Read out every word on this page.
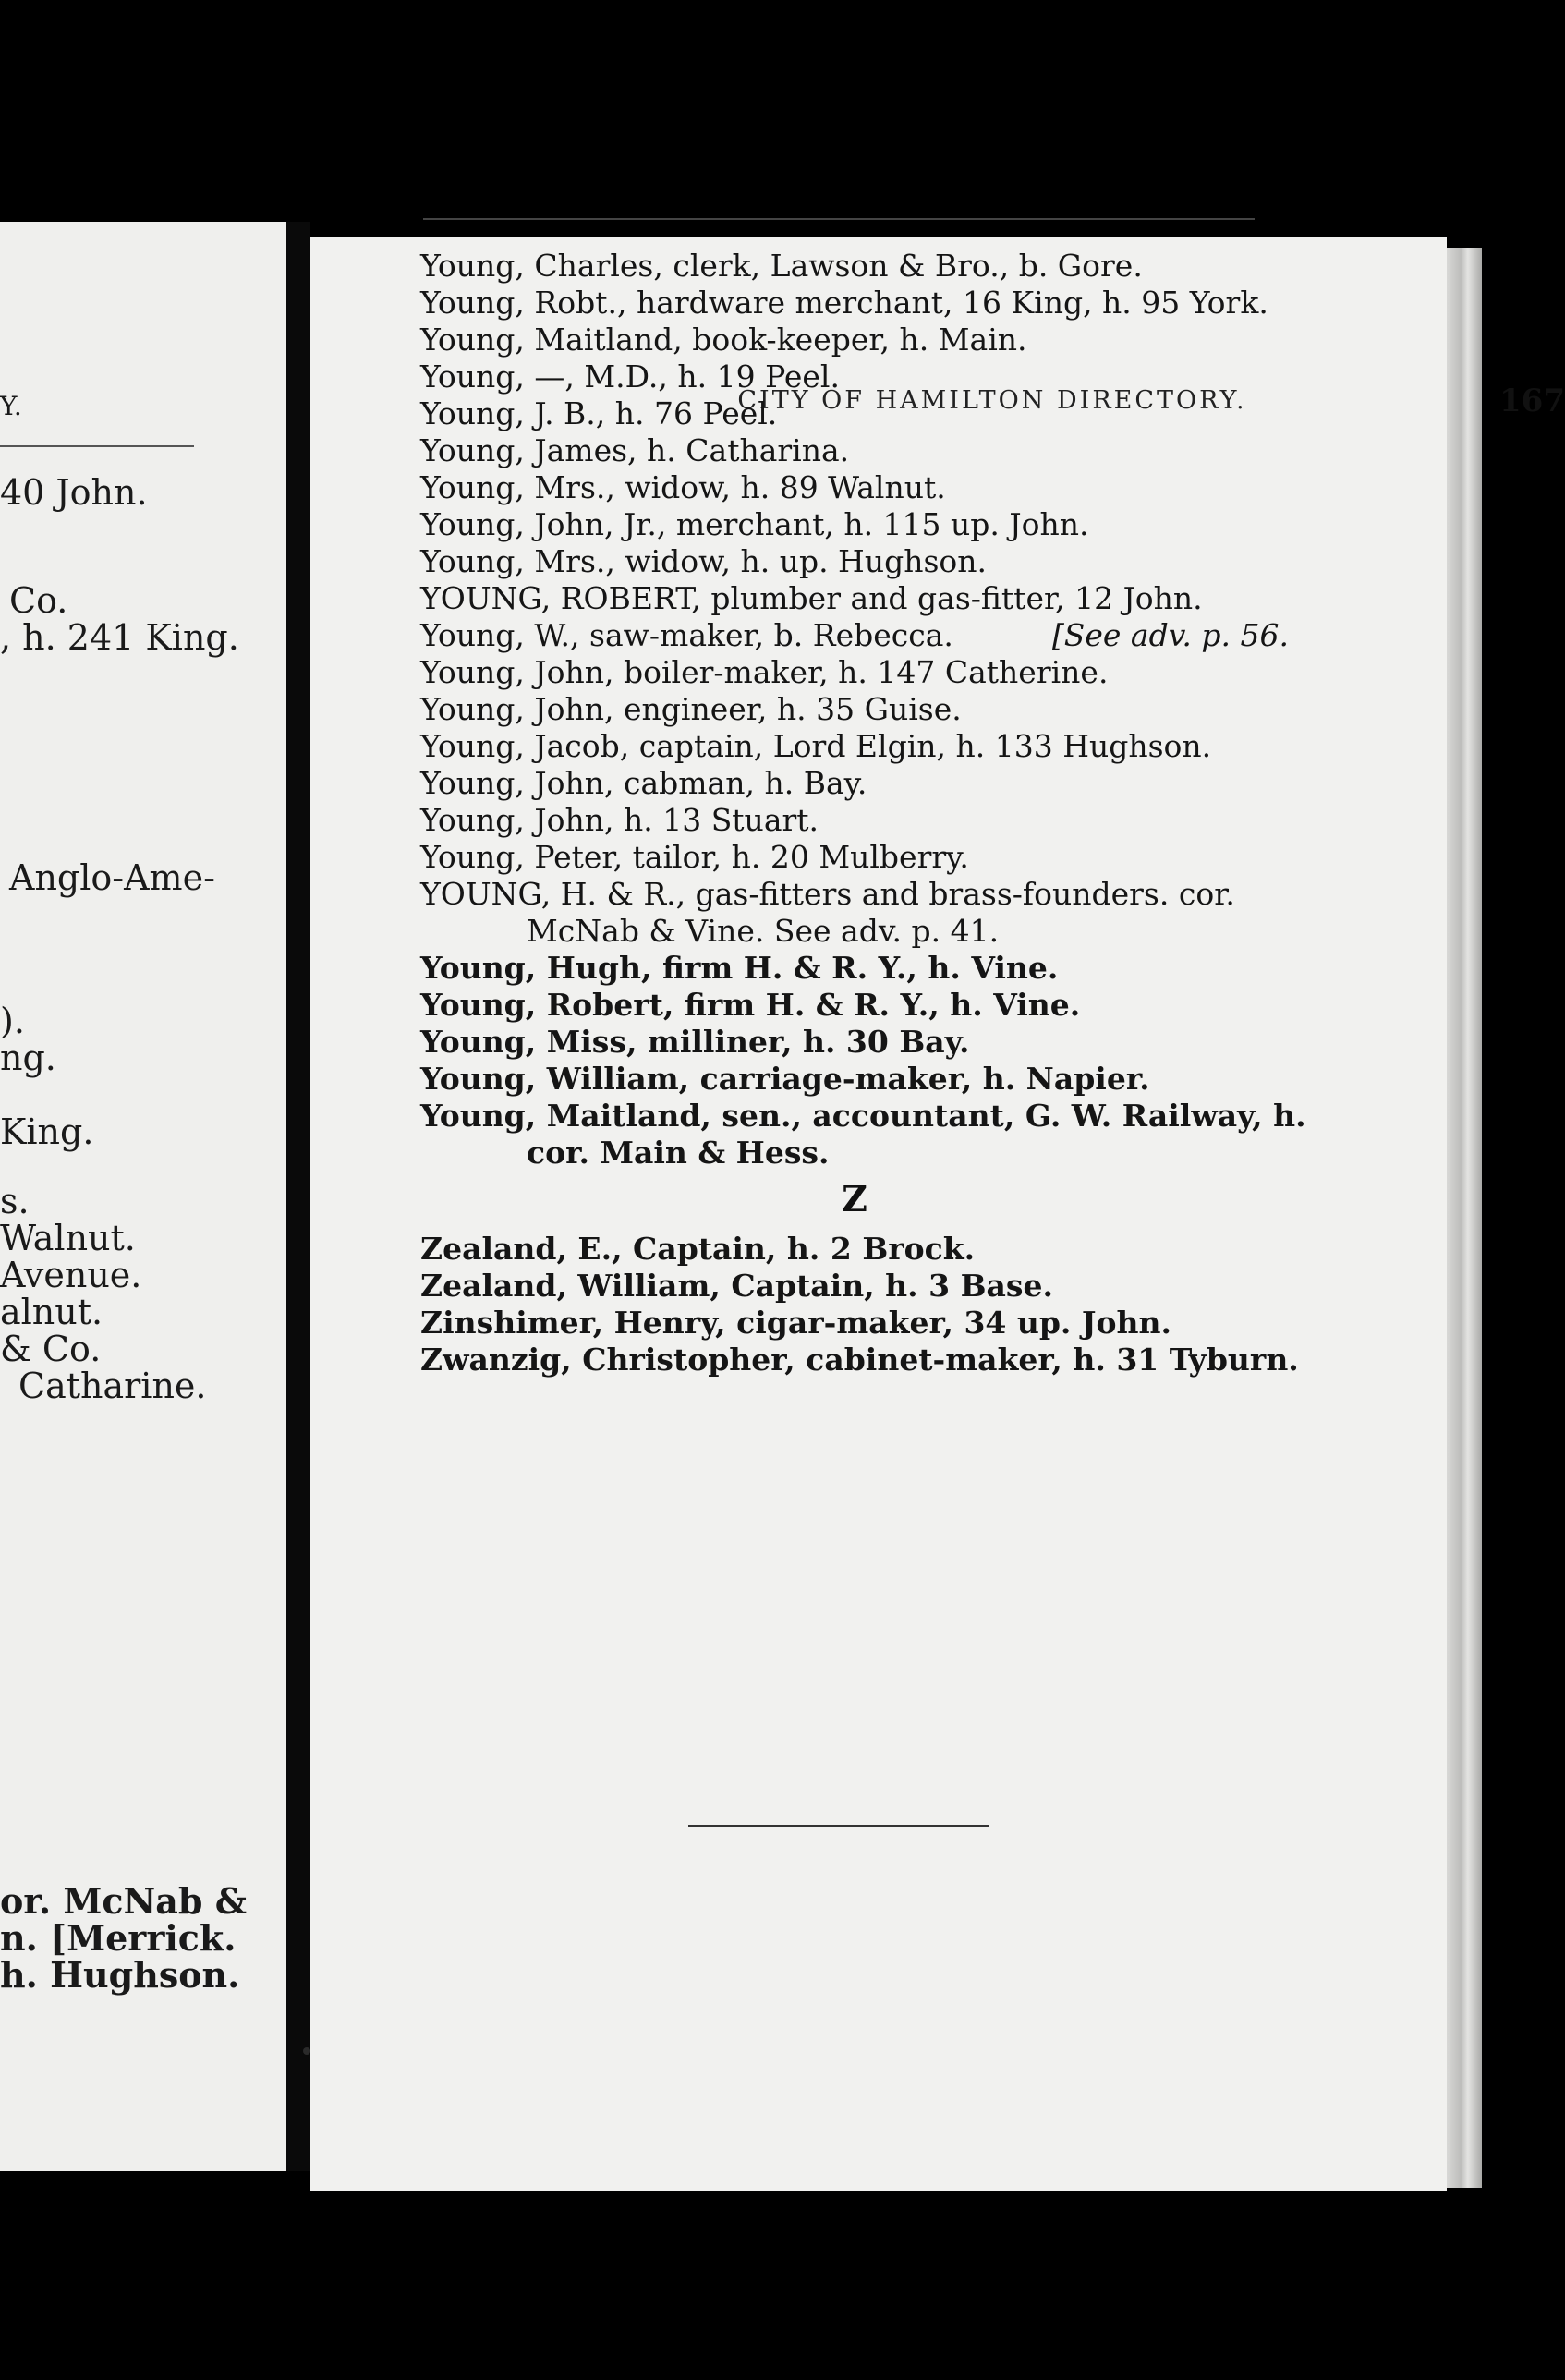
Y.
40 John.
Co.
, h. 241 King.
Anglo-Ame-
).
ng.
King.
s.
Walnut.
Avenue.
alnut.
& Co.
Catharine.
or. McNab &
n. [Merrick.
h. Hughson.
CITY OF HAMILTON DIRECTORY.	167
Young, Charles, clerk, Lawson & Bro., b. Gore.
Young, Robt., hardware merchant, 16 King, h. 95 York.
Young, Maitland, book-keeper, h. Main.
Young, —, M.D., h. 19 Peel.
Young, J. B., h. 76 Peel.
Young, James, h. Catharina.
Young, Mrs., widow, h. 89 Walnut.
Young, John, Jr., merchant, h. 115 up. John.
Young, Mrs., widow, h. up. Hughson.
YOUNG, ROBERT, plumber and gas-fitter, 12 John.
Young, W., saw-maker, b. Rebecca.	[See adv. p. 56.
Young, John, boiler-maker, h. 147 Catherine.
Young, John, engineer, h. 35 Guise.
Young, Jacob, captain, Lord Elgin, h. 133 Hughson.
Young, John, cabman, h. Bay.
Young, John, h. 13 Stuart.
Young, Peter, tailor, h. 20 Mulberry.
YOUNG, H. & R., gas-fitters and brass-founders. cor.
McNab & Vine. See adv. p. 41.
Young, Hugh, firm H. & R. Y., h. Vine.
Young, Robert, firm H. & R. Y., h. Vine.
Young, Miss, milliner, h. 30 Bay.
Young, William, carriage-maker, h. Napier.
Young, Maitland, sen., accountant, G. W. Railway, h.
cor. Main & Hess.
Z
Zealand, E., Captain, h. 2 Brock.
Zealand, William, Captain, h. 3 Base.
Zinshimer, Henry, cigar-maker, 34 up. John.
Zwanzig, Christopher, cabinet-maker, h. 31 Tyburn.
